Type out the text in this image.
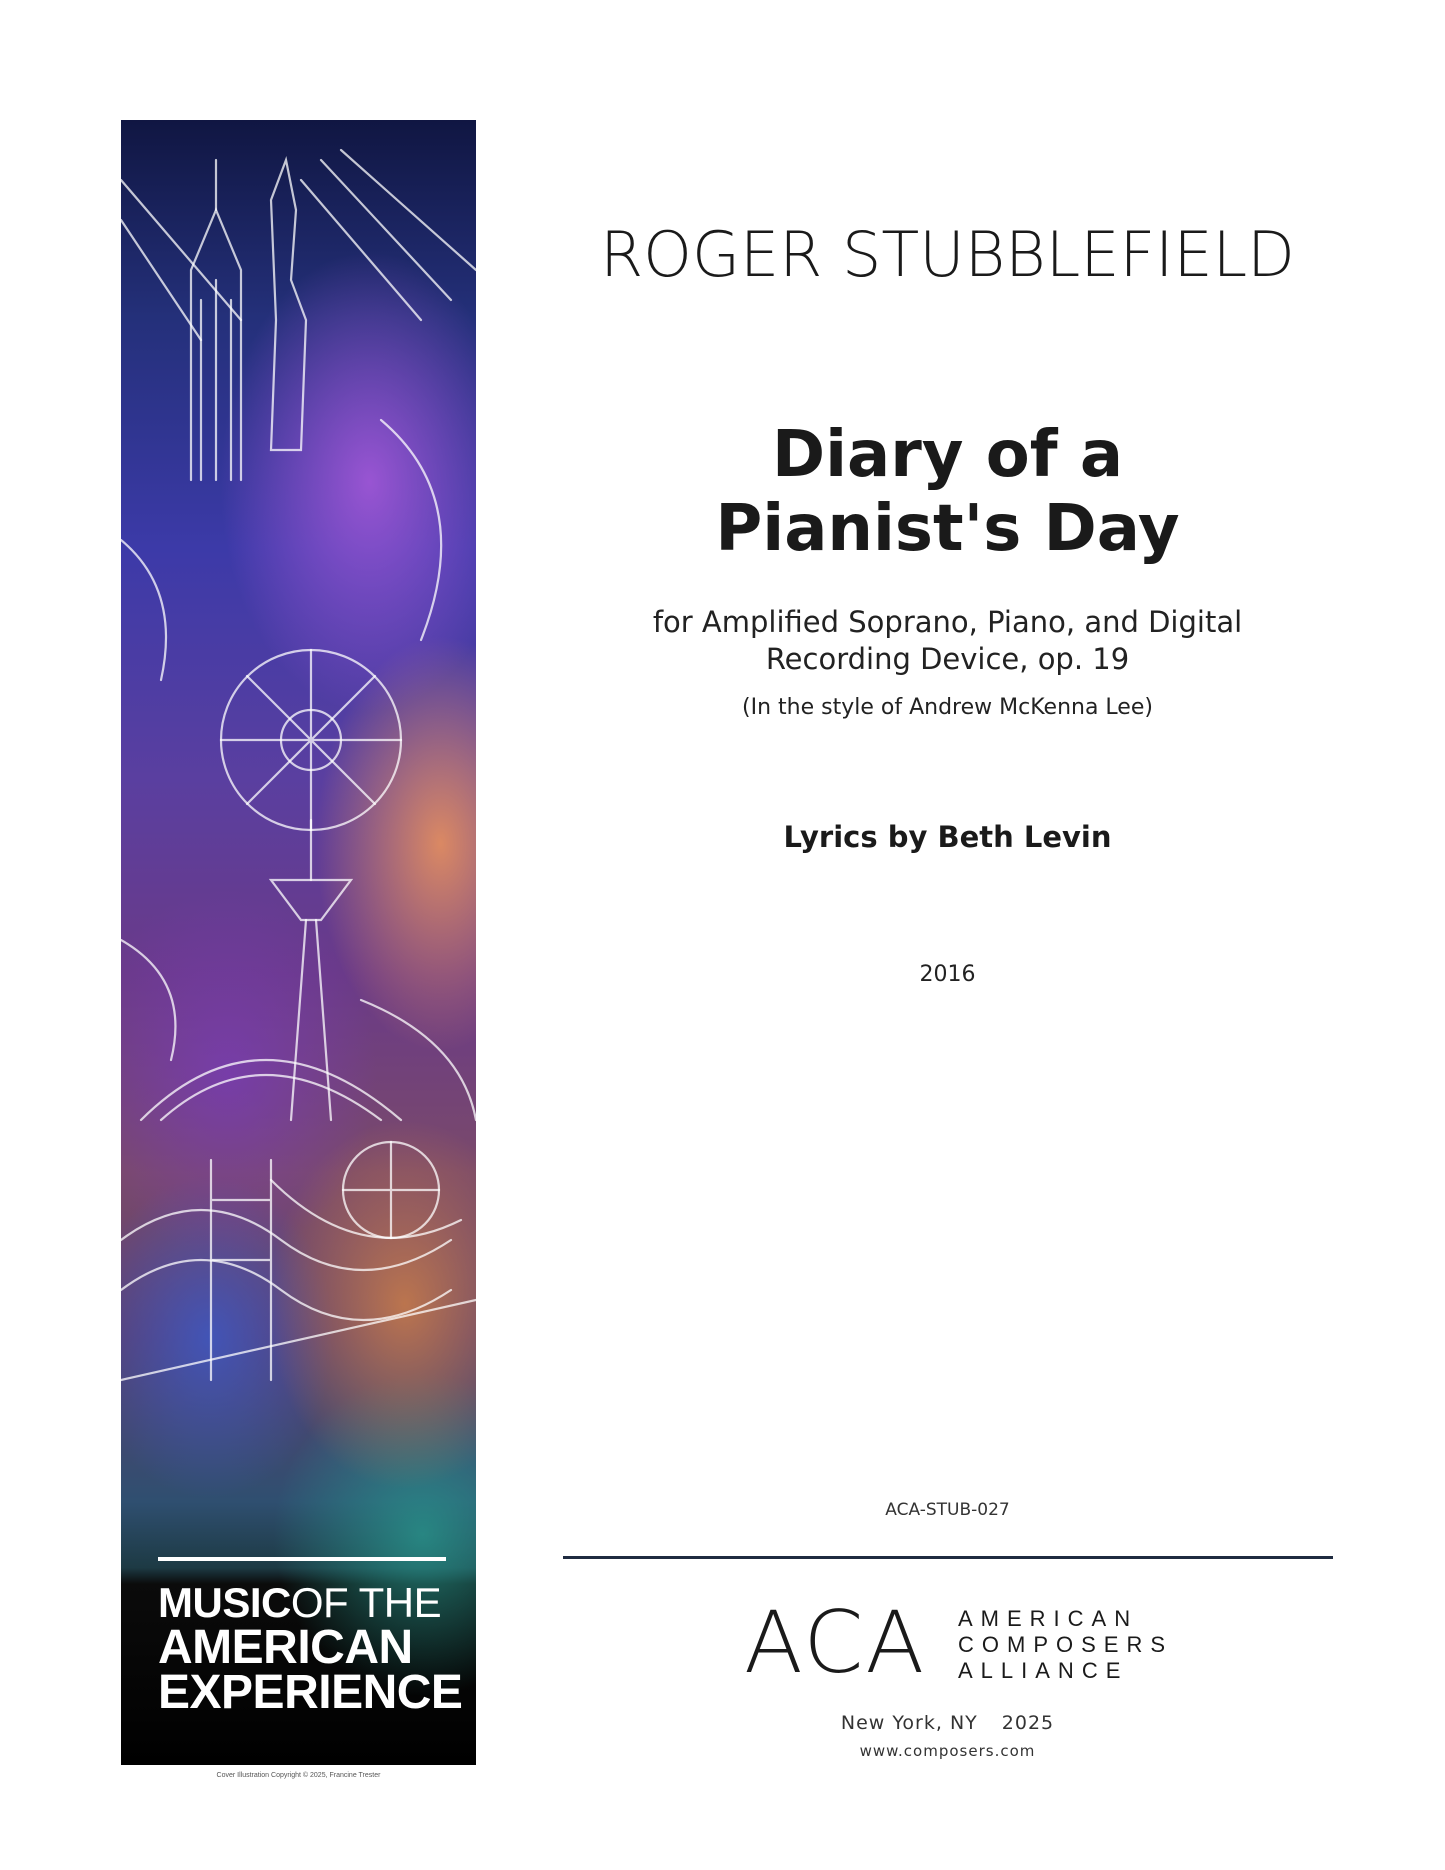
MUSICOF THE
AMERICAN
EXPERIENCE
Cover Illustration Copyright © 2025, Francine Trester
ROGER STUBBLEFIELD
Diary of a
Pianist's Day
for Amplified Soprano, Piano, and Digital
Recording Device, op. 19
(In the style of Andrew McKenna Lee)
Lyrics by Beth Levin
2016
ACA-STUB-027
ACA AMERICAN
COMPOSERS
ALLIANCE
New York, NY 2025
www.composers.com
